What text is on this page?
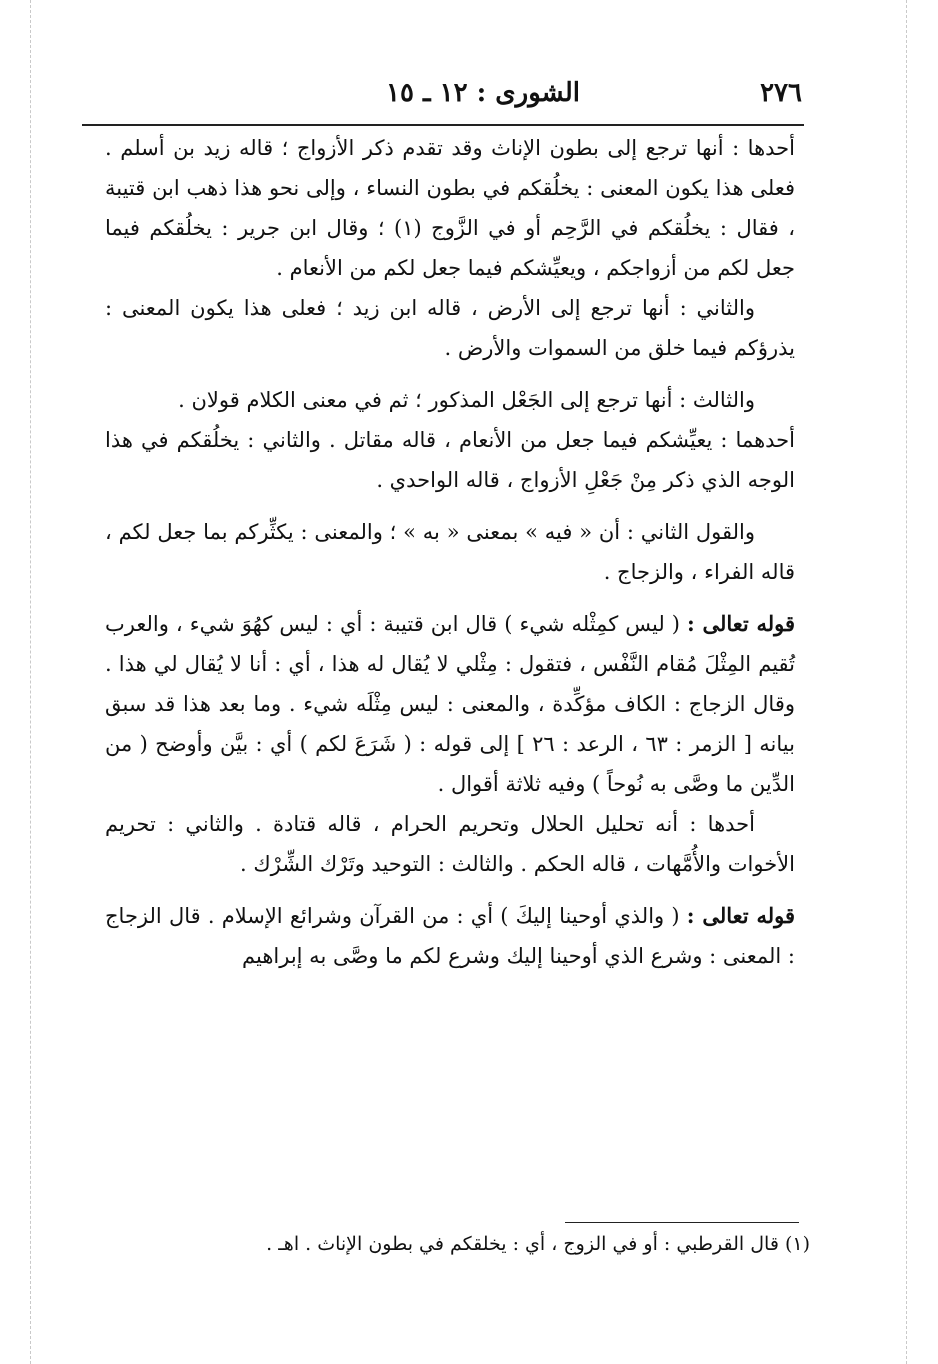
٢٧٦
الشورى : ١٢ ـ ١٥

أحدها : أنها ترجع إلى بطون الإناث وقد تقدم ذكر الأزواج ؛ قاله زيد بن أسلم . فعلى هذا يكون المعنى : يخلُقكم في بطون النساء ، وإلى نحو هذا ذهب ابن قتيبة ، فقال : يخلُقكم في الرَّحِم أو في الزَّوج (١) ؛ وقال ابن جرير : يخلُقكم فيما جعل لكم من أزواجكم ، ويعيِّشكم فيما جعل لكم من الأنعام .

والثاني : أنها ترجع إلى الأرض ، قاله ابن زيد ؛ فعلى هذا يكون المعنى : يذرؤكم فيما خلق من السموات والأرض .

والثالث : أنها ترجع إلى الجَعْل المذكور ؛ ثم في معنى الكلام قولان .

أحدهما : يعيِّشكم فيما جعل من الأنعام ، قاله مقاتل . والثاني : يخلُقكم في هذا الوجه الذي ذكر مِنْ جَعْلِ الأزواج ، قاله الواحدي .

والقول الثاني : أن « فيه » بمعنى « به » ؛ والمعنى : يكثِّركم بما جعل لكم ، قاله الفراء ، والزجاج .

قوله تعالى : ( ليس كمِثْله شيء ) قال ابن قتيبة : أي : ليس كهُوَ شيء ، والعرب تُقيم المِثْلَ مُقام النَّفْس ، فتقول : مِثْلي لا يُقال له هذا ، أي : أنا لا يُقال لي هذا . وقال الزجاج : الكاف مؤكِّدة ، والمعنى : ليس مِثْلَه شيء . وما بعد هذا قد سبق بيانه [ الزمر : ٦٣ ، الرعد : ٢٦ ] إلى قوله : ( شَرَعَ لكم ) أي : بيَّن وأوضح ( من الدِّين ما وصَّى به نُوحاً ) وفيه ثلاثة أقوال .

أحدها : أنه تحليل الحلال وتحريم الحرام ، قاله قتادة . والثاني : تحريم الأخوات والأُمَّهات ، قاله الحكم . والثالث : التوحيد وتَرْك الشِّرْك .

قوله تعالى : ( والذي أوحينا إليكَ ) أي : من القرآن وشرائع الإسلام . قال الزجاج : المعنى : وشرع الذي أوحينا إليك وشرع لكم ما وصَّى به إبراهيم

(١) قال القرطبي : أو في الزوج ، أي : يخلقكم في بطون الإناث . اهـ .
